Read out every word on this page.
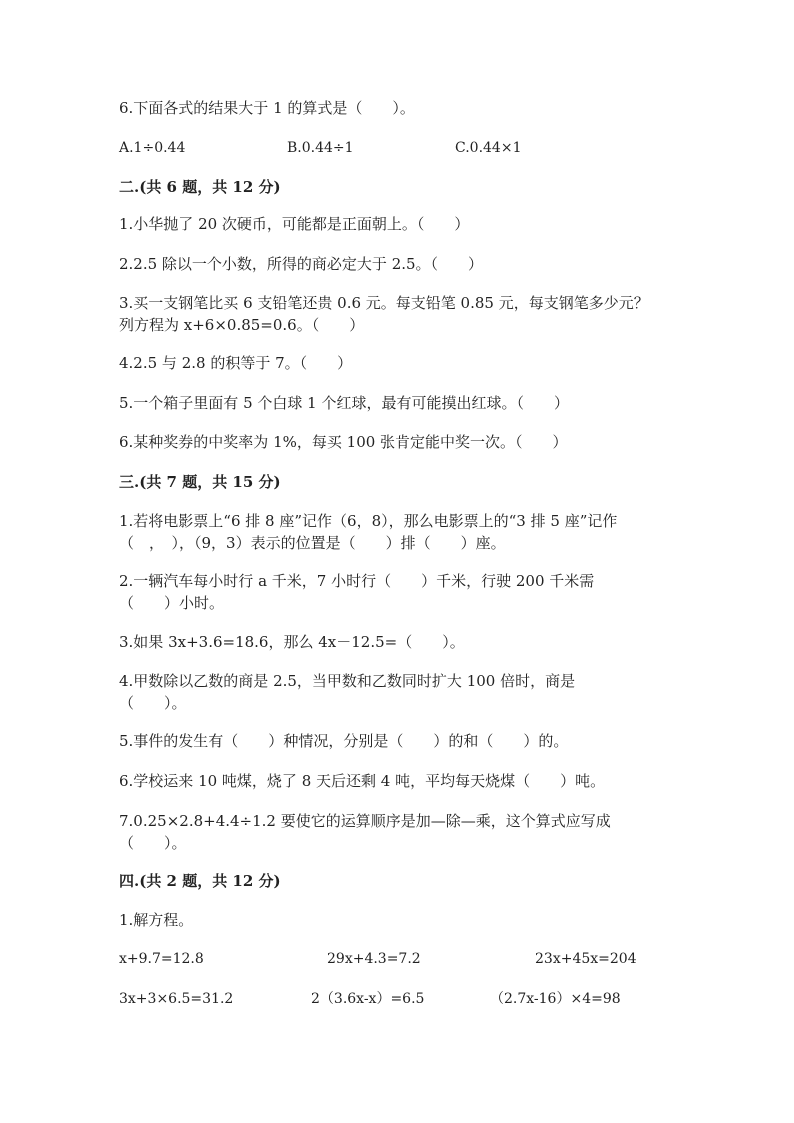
6.下面各式的结果大于 1 的算式是（　　）。
A.1÷0.44	B.0.44÷1	C.0.44×1
二.(共 6 题，共 12 分)
1.小华抛了 20 次硬币，可能都是正面朝上。（　　）
2.2.5 除以一个小数，所得的商必定大于 2.5。（　　）
3.买一支钢笔比买 6 支铅笔还贵 0.6 元。每支铅笔 0.85 元，每支钢笔多少元？
列方程为 x+6×0.85=0.6。（　　）
4.2.5 与 2.8 的积等于 7。（　　）
5.一个箱子里面有 5 个白球 1 个红球，最有可能摸出红球。（　　）
6.某种奖券的中奖率为 1%，每买 100 张肯定能中奖一次。（　　）
三.(共 7 题，共 15 分)
1.若将电影票上“6 排 8 座”记作（6，8），那么电影票上的“3 排 5 座”记作
（　，　），（9，3）表示的位置是（　　）排（　　）座。
2.一辆汽车每小时行 a 千米，7 小时行（　　）千米，行驶 200 千米需
（　　）小时。
3.如果 3x+3.6=18.6，那么 4x－12.5=（　　）。
4.甲数除以乙数的商是 2.5，当甲数和乙数同时扩大 100 倍时，商是
（　　）。
5.事件的发生有（　　）种情况，分别是（　　）的和（　　）的。
6.学校运来 10 吨煤，烧了 8 天后还剩 4 吨，平均每天烧煤（　　）吨。
7.0.25×2.8+4.4÷1.2 要使它的运算顺序是加—除—乘，这个算式应写成
（　　）。
四.(共 2 题，共 12 分)
1.解方程。
x+9.7=12.8	29x+4.3=7.2	23x+45x=204
3x+3×6.5=31.2	2（3.6x-x）=6.5	（2.7x-16）×4=98
